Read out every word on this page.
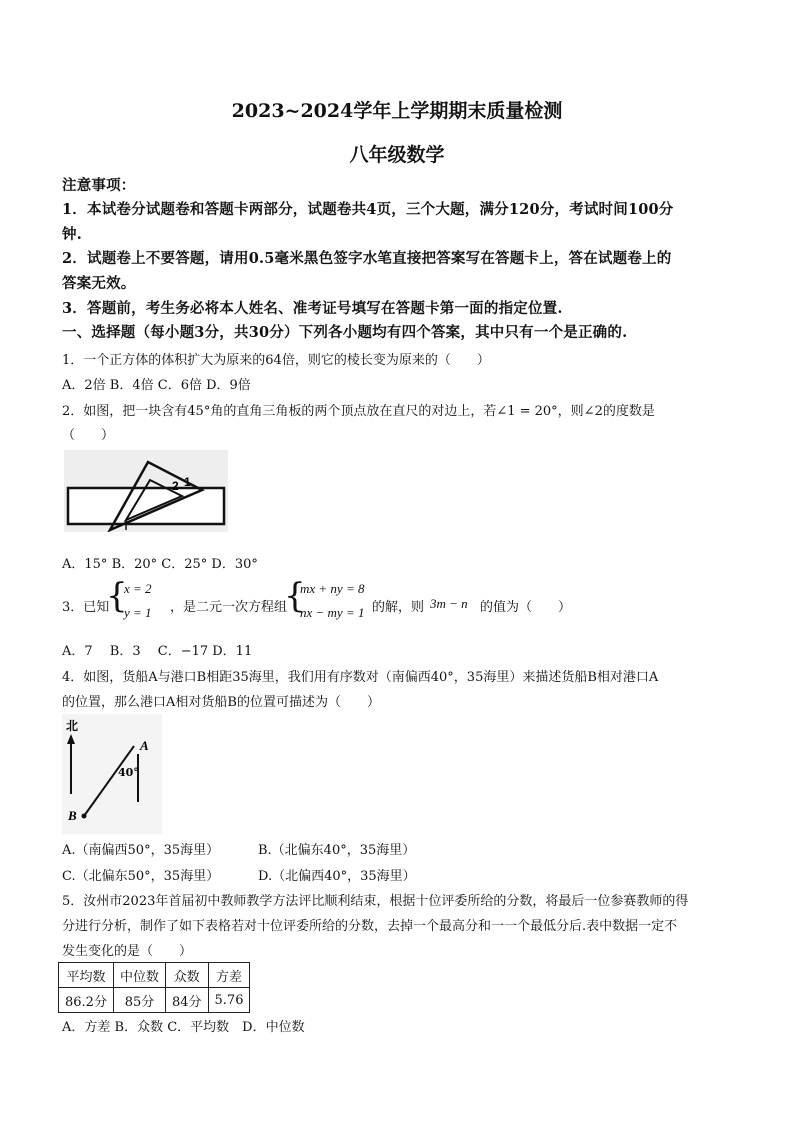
2023~2024学年上学期期末质量检测
八年级数学
注意事项：
1．本试卷分试题卷和答题卡两部分，试题卷共4页，三个大题，满分120分，考试时间100分
钟.
2．试题卷上不要答题，请用0.5毫米黑色签字水笔直接把答案写在答题卡上，答在试题卷上的
答案无效。
3．答题前，考生务必将本人姓名、准考证号填写在答题卡第一面的指定位置.
一、选择题（每小题3分，共30分）下列各小题均有四个答案，其中只有一个是正确的.
1．一个正方体的体积扩大为原来的64倍，则它的棱长变为原来的（　　）
A．2倍 B．4倍 C．6倍 D．9倍
2．如图，把一块含有45°角的直角三角板的两个顶点放在直尺的对边上，若∠1 = 20°，则∠2的度数是
（　　）
1
2
A．15° B．20° C．25° D．30°
3．已知
{
x = 2
y = 1 ，是二元一次方程组
{
mx + ny = 8
nx − my = 1 的解，则 3m − n 的值为（　　）
A．7　 B．3　 C．−17 D．11
4．如图，货船A与港口B相距35海里，我们用有序数对（南偏西40°，35海里）来描述货船B相对港口A
的位置，那么港口A相对货船B的位置可描述为（　　）
北
A
B
40°
A.（南偏西50°，35海里）	B.（北偏东40°，35海里）
C.（北偏东50°，35海里）	D.（北偏西40°，35海里）
5．汝州市2023年首届初中教师教学方法评比顺利结束，根据十位评委所给的分数，将最后一位参赛教师的得
分进行分析，制作了如下表格若对十位评委所给的分数，去掉一个最高分和一一个最低分后.表中数据一定不
发生变化的是（　　）
平均数	中位数	众数	方差
86.2分	85分	84分	5.76
A．方差 B．众数 C．平均数　D．中位数
